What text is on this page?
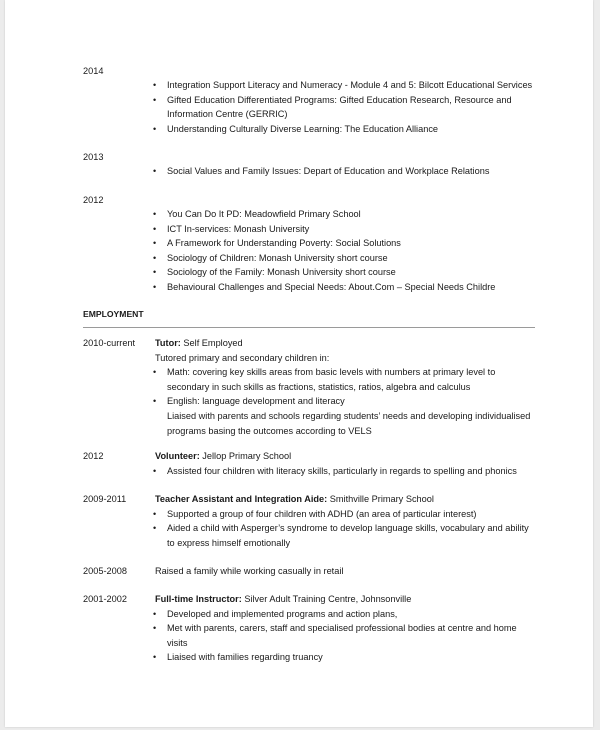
2014
• Integration Support Literacy and Numeracy - Module 4 and 5: Bilcott Educational Services
• Gifted Education Differentiated Programs: Gifted Education Research, Resource and Information Centre (GERRIC)
• Understanding Culturally Diverse Learning: The Education Alliance
2013
• Social Values and Family Issues: Depart of Education and Workplace Relations
2012
• You Can Do It PD: Meadowfield Primary School
• ICT In-services: Monash University
• A Framework for Understanding Poverty: Social Solutions
• Sociology of Children: Monash University short course
• Sociology of the Family: Monash University short course
• Behavioural Challenges and Special Needs: About.Com – Special Needs Childre
EMPLOYMENT
2010-current Tutor: Self Employed
Tutored primary and secondary children in:
• Math: covering key skills areas from basic levels with numbers at primary level to secondary in such skills as fractions, statistics, ratios, algebra and calculus
• English: language development and literacy
Liaised with parents and schools regarding students’ needs and developing individualised programs basing the outcomes according to VELS
2012	Volunteer: Jellop Primary School
• Assisted four children with literacy skills, particularly in regards to spelling and phonics
2009-2011	Teacher Assistant and Integration Aide: Smithville Primary School
• Supported a group of four children with ADHD (an area of particular interest)
• Aided a child with Asperger’s syndrome to develop language skills, vocabulary and ability to express himself emotionally
2005-2008	Raised a family while working casually in retail
2001-2002	Full-time Instructor: Silver Adult Training Centre, Johnsonville
• Developed and implemented programs and action plans,
• Met with parents, carers, staff and specialised professional bodies at centre and home visits
• Liaised with families regarding truancy
